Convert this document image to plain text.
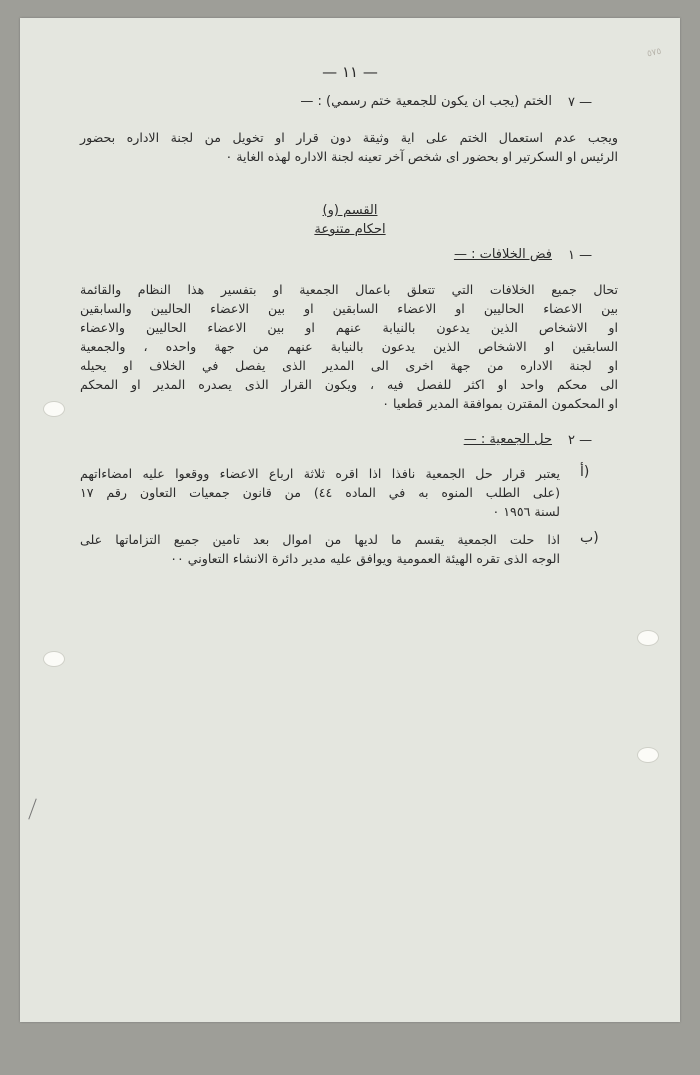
٥٧٥
— ١١ —
٧ —
الختم (يجب ان يكون للجمعية ختم رسمي) : —
ويجب عدم استعمال الختم على اية وثيقة دون قرار او تخويل من لجنة الاداره بحضور
الرئيس او السكرتير او بحضور اى شخص آخر تعينه لجنة الاداره لهذه الغاية ٠
القسم (و)
احكام متنوعة
١ —
فض الخلافات : —
تحال جميع الخلافات التي تتعلق باعمال الجمعية او بتفسير هذا النظام والقائمة
بين الاعضاء الحاليين او الاعضاء السابقين او بين الاعضاء الحاليين والسابقين
او الاشخاص الذين يدعون بالنيابة عنهم او بين الاعضاء الحاليين والاعضاء
السابقين او الاشخاص الذين يدعون بالنيابة عنهم من جهة واحده ، والجمعية
او لجنة الاداره من جهة اخرى الى المدير الذى يفصل في الخلاف او يحيله
الى محكم واحد او اكثر للفصل فيه ، ويكون القرار الذى يصدره المدير او المحكم
او المحكمون المقترن بموافقة المدير قطعيا ٠
٢ —
حل الجمعية : —
أ)
يعتبر قرار حل الجمعية نافذا اذا اقره ثلاثة ارباع الاعضاء ووقعوا عليه امضاءاتهم
(على الطلب المنوه به في الماده ٤٤) من قانون جمعيات التعاون رقم ١٧
لسنة ١٩٥٦ ٠
ب)
اذا حلت الجمعية يقسم ما لديها من اموال بعد تامين جميع التزاماتها على
الوجه الذى تقره الهيئة العمومية ويوافق عليه مدير دائرة الانشاء التعاوني ٠٠
